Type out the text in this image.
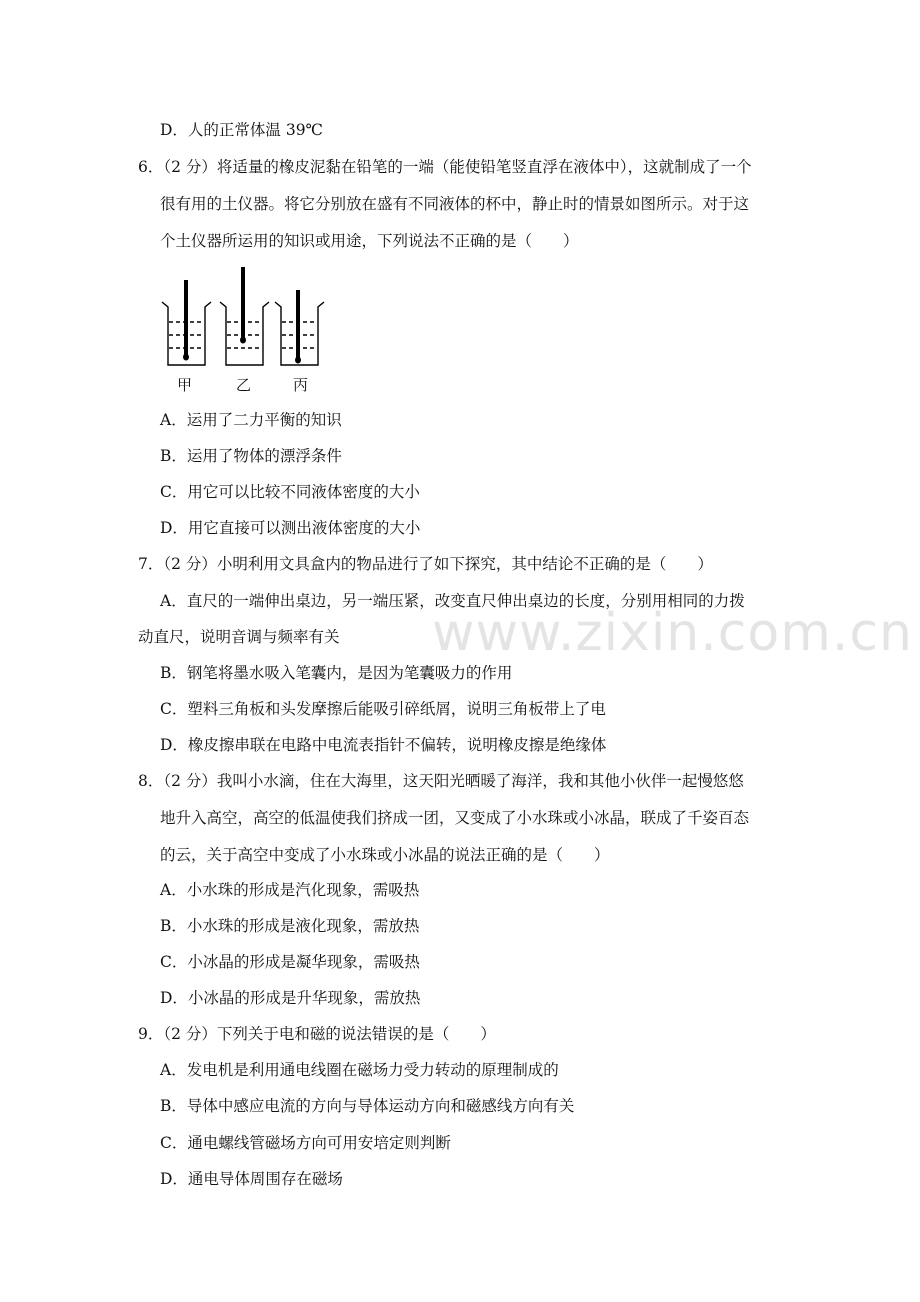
www.zixin.com.cn
D．人的正常体温 39℃
6．（2 分）将适量的橡皮泥黏在铅笔的一端（能使铅笔竖直浮在液体中），这就制成了一个
很有用的土仪器。将它分别放在盛有不同液体的杯中，静止时的情景如图所示。对于这
个土仪器所运用的知识或用途，下列说法不正确的是（　　）
A．运用了二力平衡的知识
B．运用了物体的漂浮条件
C．用它可以比较不同液体密度的大小
D．用它直接可以测出液体密度的大小
7．（2 分）小明利用文具盒内的物品进行了如下探究，其中结论不正确的是（　　）
A．直尺的一端伸出桌边，另一端压紧，改变直尺伸出桌边的长度，分别用相同的力拨
动直尺，说明音调与频率有关
B．钢笔将墨水吸入笔囊内，是因为笔囊吸力的作用
C．塑料三角板和头发摩擦后能吸引碎纸屑，说明三角板带上了电
D．橡皮擦串联在电路中电流表指针不偏转，说明橡皮擦是绝缘体
8．（2 分）我叫小水滴，住在大海里，这天阳光晒暖了海洋，我和其他小伙伴一起慢悠悠
地升入高空，高空的低温使我们挤成一团，又变成了小水珠或小冰晶，联成了千姿百态
的云，关于高空中变成了小水珠或小冰晶的说法正确的是（　　）
A．小水珠的形成是汽化现象，需吸热
B．小水珠的形成是液化现象，需放热
C．小冰晶的形成是凝华现象，需吸热
D．小冰晶的形成是升华现象，需放热
9．（2 分）下列关于电和磁的说法错误的是（　　）
A．发电机是利用通电线圈在磁场力受力转动的原理制成的
B．导体中感应电流的方向与导体运动方向和磁感线方向有关
C．通电螺线管磁场方向可用安培定则判断
D．通电导体周围存在磁场
甲	乙	丙
